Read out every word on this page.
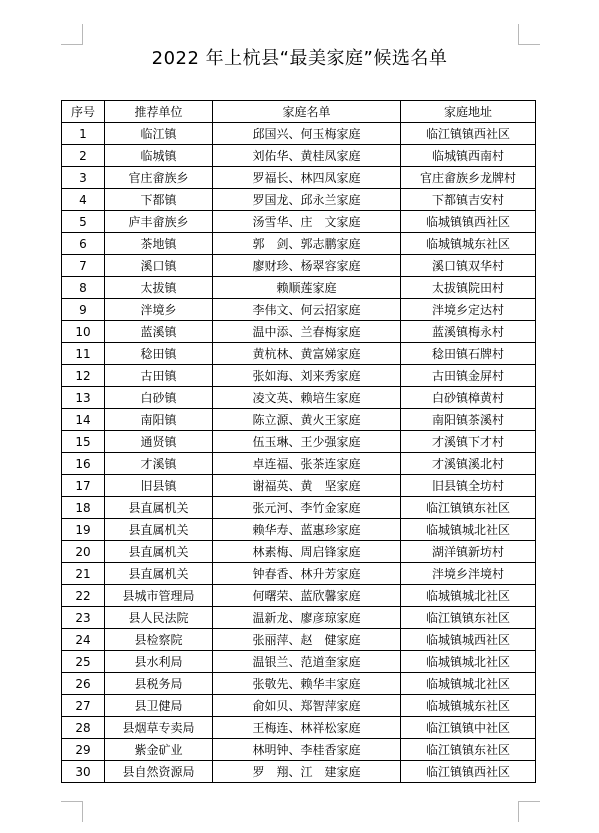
2022 年上杭县“最美家庭”候选名单
序号	推荐单位	家庭名单	家庭地址
1	临江镇	邱国兴、何玉梅家庭	临江镇镇西社区
2	临城镇	刘佑华、黄桂凤家庭	临城镇西南村
3	官庄畲族乡	罗福长、林四凤家庭	官庄畲族乡龙牌村
4	下都镇	罗国龙、邱永兰家庭	下都镇吉安村
5	庐丰畲族乡	汤雪华、庄　文家庭	临城镇镇西社区
6	茶地镇	郭　剑、郭志鹏家庭	临城镇城东社区
7	溪口镇	廖财珍、杨翠容家庭	溪口镇双华村
8	太拔镇	赖顺莲家庭	太拔镇院田村
9	泮境乡	李伟文、何云招家庭	泮境乡定达村
10	蓝溪镇	温中添、兰春梅家庭	蓝溪镇梅永村
11	稔田镇	黄杭林、黄富娣家庭	稔田镇石牌村
12	古田镇	张如海、刘来秀家庭	古田镇金屏村
13	白砂镇	凌文英、赖培生家庭	白砂镇樟黄村
14	南阳镇	陈立源、黄火王家庭	南阳镇茶溪村
15	通贤镇	伍玉琳、王少强家庭	才溪镇下才村
16	才溪镇	卓连福、张茶连家庭	才溪镇溪北村
17	旧县镇	谢福英、黄　坚家庭	旧县镇全坊村
18	县直属机关	张元河、李竹金家庭	临江镇镇东社区
19	县直属机关	赖华寿、蓝惠珍家庭	临城镇城北社区
20	县直属机关	林素梅、周启锋家庭	湖洋镇新坊村
21	县直属机关	钟春香、林升芳家庭	泮境乡泮境村
22	县城市管理局	何曙荣、蓝欣馨家庭	临城镇城北社区
23	县人民法院	温新龙、廖彦琼家庭	临江镇镇东社区
24	县检察院	张丽萍、赵　健家庭	临城镇城西社区
25	县水利局	温银兰、范道奎家庭	临城镇城北社区
26	县税务局	张敬先、赖华丰家庭	临城镇城北社区
27	县卫健局	俞如贝、郑智萍家庭	临城镇城东社区
28	县烟草专卖局	王梅连、林祥松家庭	临江镇镇中社区
29	紫金矿业	林明钟、李桂香家庭	临江镇镇东社区
30	县自然资源局	罗　翔、江　建家庭	临江镇镇西社区
